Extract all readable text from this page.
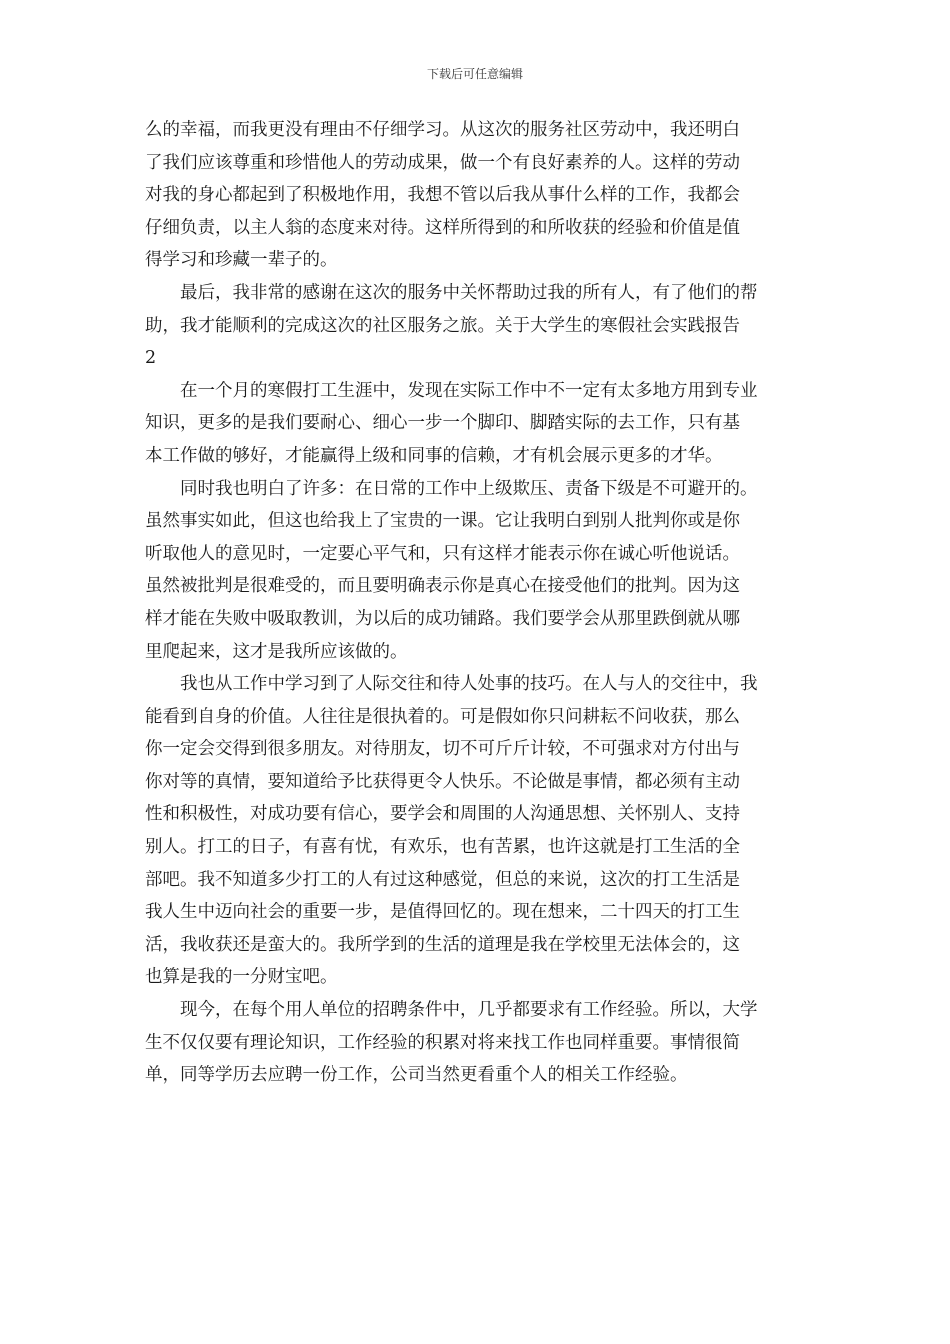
下载后可任意编辑
么的幸福，而我更没有理由不仔细学习。从这次的服务社区劳动中，我还明白
了我们应该尊重和珍惜他人的劳动成果，做一个有良好素养的人。这样的劳动
对我的身心都起到了积极地作用，我想不管以后我从事什么样的工作，我都会
仔细负责，以主人翁的态度来对待。这样所得到的和所收获的经验和价值是值
得学习和珍藏一辈子的。
　　最后，我非常的感谢在这次的服务中关怀帮助过我的所有人，有了他们的帮
助，我才能顺利的完成这次的社区服务之旅。关于大学生的寒假社会实践报告
2
　　在一个月的寒假打工生涯中，发现在实际工作中不一定有太多地方用到专业
知识，更多的是我们要耐心、细心一步一个脚印、脚踏实际的去工作，只有基
本工作做的够好，才能赢得上级和同事的信赖，才有机会展示更多的才华。
　　同时我也明白了许多：在日常的工作中上级欺压、责备下级是不可避开的。
虽然事实如此，但这也给我上了宝贵的一课。它让我明白到别人批判你或是你
听取他人的意见时，一定要心平气和，只有这样才能表示你在诚心听他说话。
虽然被批判是很难受的，而且要明确表示你是真心在接受他们的批判。因为这
样才能在失败中吸取教训，为以后的成功铺路。我们要学会从那里跌倒就从哪
里爬起来，这才是我所应该做的。
　　我也从工作中学习到了人际交往和待人处事的技巧。在人与人的交往中，我
能看到自身的价值。人往往是很执着的。可是假如你只问耕耘不问收获，那么
你一定会交得到很多朋友。对待朋友，切不可斤斤计较，不可强求对方付出与
你对等的真情，要知道给予比获得更令人快乐。不论做是事情，都必须有主动
性和积极性，对成功要有信心，要学会和周围的人沟通思想、关怀别人、支持
别人。打工的日子，有喜有忧，有欢乐，也有苦累，也许这就是打工生活的全
部吧。我不知道多少打工的人有过这种感觉，但总的来说，这次的打工生活是
我人生中迈向社会的重要一步，是值得回忆的。现在想来，二十四天的打工生
活，我收获还是蛮大的。我所学到的生活的道理是我在学校里无法体会的，这
也算是我的一分财宝吧。
　　现今，在每个用人单位的招聘条件中，几乎都要求有工作经验。所以，大学
生不仅仅要有理论知识，工作经验的积累对将来找工作也同样重要。事情很简
单，同等学历去应聘一份工作，公司当然更看重个人的相关工作经验。
